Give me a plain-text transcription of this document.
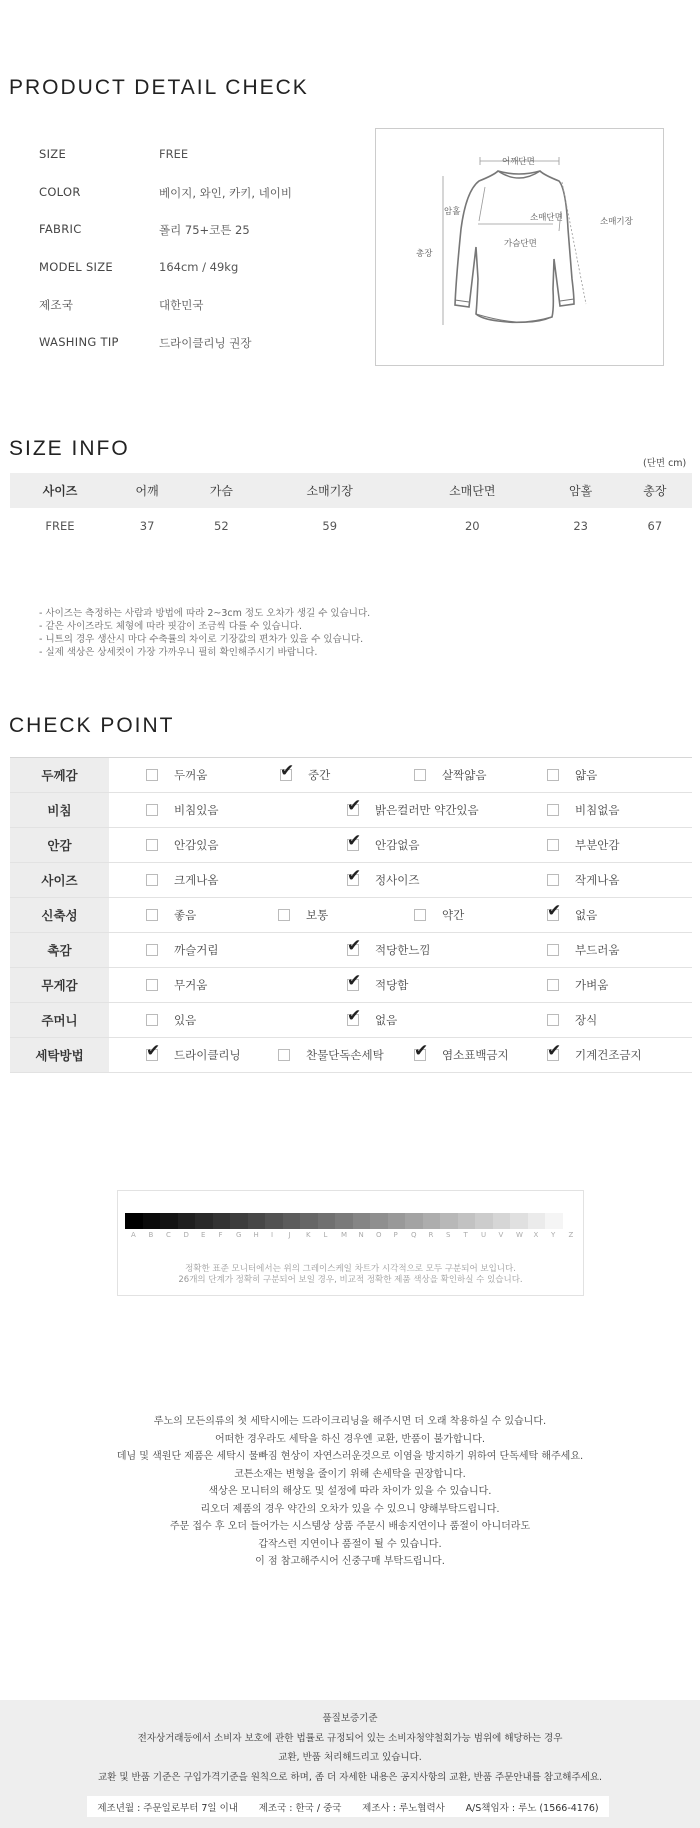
PRODUCT DETAIL CHECK
SIZE	FREE
COLOR	베이지, 와인, 카키, 네이비
FABRIC	폴리 75+코튼 25
MODEL SIZE	164cm / 49kg
제조국	대한민국
WASHING TIP	드라이클리닝 권장
어깨단면
암홀
소매단면	소매기장
총장
가슴단면
SIZE INFO
(단면 cm)
사이즈	어깨	가슴	소매기장	소매단면	암홀	총장
FREE	37	52	59	20	23	67
- 사이즈는 측정하는 사람과 방법에 따라 2~3cm 정도 오차가 생길 수 있습니다.
- 같은 사이즈라도 체형에 따라 핏감이 조금씩 다를 수 있습니다.
- 니트의 경우 생산시 마다 수축률의 차이로 기장값의 편차가 있을 수 있습니다.
- 실제 색상은 상세컷이 가장 가까우니 필히 확인해주시기 바랍니다.
CHECK POINT
두께감	두꺼움	✔ 중간	살짝얇음	얇음
비침	비침있음	✔ 밝은컬러만 약간있음	비침없음
안감	안감있음	✔ 안감없음	부분안감
사이즈	크게나옴	✔ 정사이즈	작게나옴
신축성	좋음	보통	약간	✔ 없음
촉감	까슬거림	✔ 적당한느낌	부드러움
무게감	무거움	✔ 적당함	가벼움
주머니	있음	✔ 없음	장식
세탁방법	✔ 드라이클리닝	찬물단독손세탁 ✔ 염소표백금지 ✔ 기계건조금지
A B C D E F G H I J K L M N O P Q R S T U V W X Y Z
정확한 표준 모니터에서는 위의 그레이스케일 차트가 시각적으로 모두 구분되어 보입니다.
26개의 단계가 정확히 구분되어 보일 경우, 비교적 정확한 제품 색상을 확인하실 수 있습니다.
루노의 모든의류의 첫 세탁시에는 드라이크리닝을 해주시면 더 오래 착용하실 수 있습니다.
어떠한 경우라도 세탁을 하신 경우엔 교환, 반품이 불가합니다.
데님 및 색원단 제품은 세탁시 물빠짐 현상이 자연스러운것으로 이염을 방지하기 위하여 단독세탁 해주세요.
코튼소재는 변형을 줄이기 위해 손세탁을 권장합니다.
색상은 모니터의 해상도 및 설정에 따라 차이가 있을 수 있습니다.
리오더 제품의 경우 약간의 오차가 있을 수 있으니 양해부탁드립니다.
주문 접수 후 오더 들어가는 시스템상 상품 주문시 배송지연이나 품절이 아니더라도
갑작스런 지연이나 품절이 될 수 있습니다.
이 점 참고해주시어 신중구매 부탁드립니다.
품질보증기준
전자상거래등에서 소비자 보호에 관한 법률로 규정되어 있는 소비자청약철회가능 범위에 해당하는 경우
교환, 반품 처리해드리고 있습니다.
교환 및 반품 기준은 구입가격기준을 원칙으로 하며, 좀 더 자세한 내용은 공지사항의 교환, 반품 주문안내를 참고해주세요.
제조년월 : 주문일로부터 7일 이내 제조국 : 한국 / 중국 제조사 : 루노협력사 A/S책임자 : 루노 (1566-4176)
